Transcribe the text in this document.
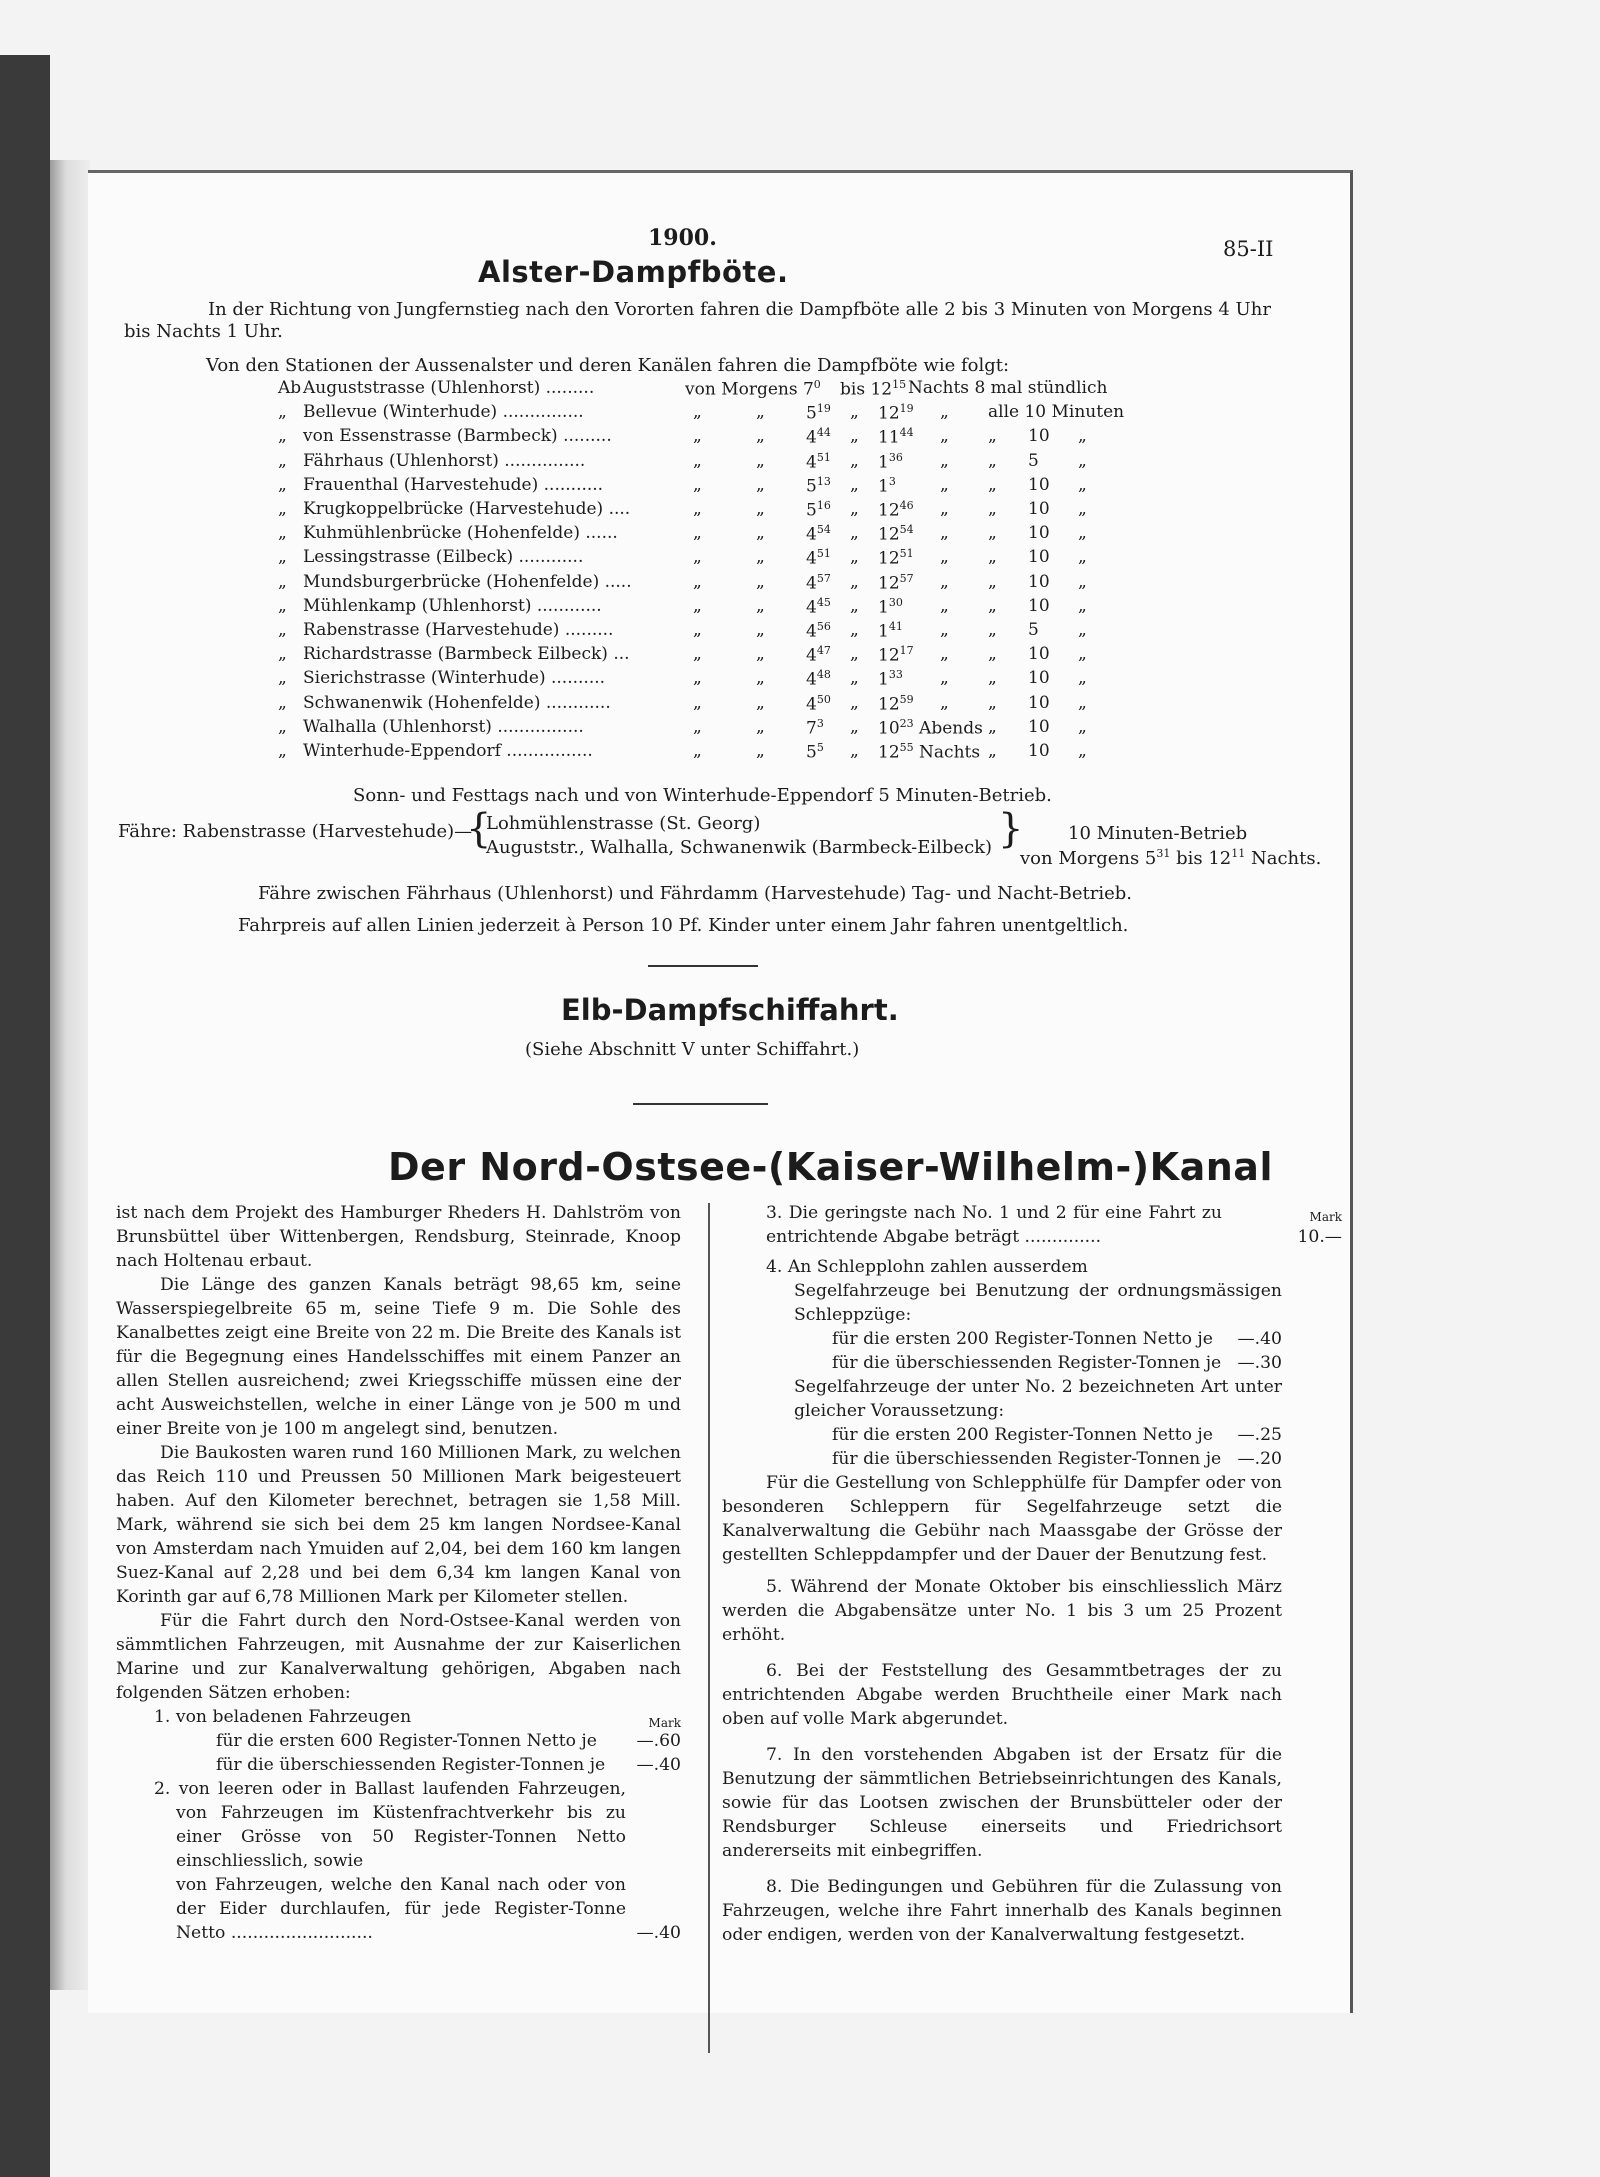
1900.	85-II
Alster-Dampfböte.
In der Richtung von Jungfernstieg nach den Vororten fahren die Dampfböte alle 2 bis 3 Minuten von Morgens 4 Uhr
bis Nachts 1 Uhr.
Von den Stationen der Aussenalster und deren Kanälen fahren die Dampfböte wie folgt:
Ab Auguststrasse (Uhlenhorst) .........	von Morgens $7^0$ bis $12^{15}$ Nachts 8 mal stündlich
„ Bellevue (Winterhude) ...............	„	„ $5^{19}$ „ $12^{19}$ „ alle 10 Minuten
„ von Essenstrasse (Barmbeck) .........	„	„ $4^{44}$ „ $11^{44}$ „ „ 10 „
„ Fährhaus (Uhlenhorst) ...............	„	„ $4^{51}$ „ $1^{36}$ „ „ 5 „
„ Frauenthal (Harvestehude) ...........	„	„ $5^{13}$ „ $1^3$	„ „ 10 „
„ Krugkoppelbrücke (Harvestehude) ....	„	„ $5^{16}$ „ $12^{46}$ „ „ 10 „
„ Kuhmühlenbrücke (Hohenfelde) ......	„	„ $4^{54}$ „ $12^{54}$ „ „ 10 „
„ Lessingstrasse (Eilbeck) ............	„	„ $4^{51}$ „ $12^{51}$ „ „ 10 „
„ Mundsburgerbrücke (Hohenfelde) .....	„	„ $4^{57}$ „ $12^{57}$ „ „ 10 „
„ Mühlenkamp (Uhlenhorst) ............	„	„ $4^{45}$ „ $1^{30}$ „ „ 10 „
„ Rabenstrasse (Harvestehude) .........	„	„ $4^{56}$ „ $1^{41}$ „ „ 5 „
„ Richardstrasse (Barmbeck Eilbeck) ...	„	„ $4^{47}$ „ $12^{17}$ „ „ 10 „
„ Sierichstrasse (Winterhude) ..........	„	„ $4^{48}$ „ $1^{33}$ „ „ 10 „
„ Schwanenwik (Hohenfelde) ............	„	„ $4^{50}$ „ $12^{59}$ „ „ 10 „
„ Walhalla (Uhlenhorst) ................	„	„ $7^3$ „ $10^{23}$ Abends „ 10 „
„ Winterhude-Eppendorf ................	„	„ $5^5$ „ $12^{55}$ Nachts „ 10 „
Sonn- und Festtags nach und von Winterhude-Eppendorf 5 Minuten-Betrieb.
Fähre: Rabenstrasse (Harvestehude)—
{
Lohmühlenstrasse (St. Georg)
Auguststr., Walhalla, Schwanenwik (Barmbeck-Eilbeck) } 10 Minuten-Betrieb
von Morgens $5^{31}$ bis $12^{11}$ Nachts.
Fähre zwischen Fährhaus (Uhlenhorst) und Fährdamm (Harvestehude) Tag- und Nacht-Betrieb.
Fahrpreis auf allen Linien jederzeit à Person 10 Pf. Kinder unter einem Jahr fahren unentgeltlich.
Elb-Dampfschiffahrt.
(Siehe Abschnitt V unter Schiffahrt.)
Der Nord-Ostsee-(Kaiser-Wilhelm-)Kanal

ist nach dem Projekt des Hamburger Rheders H. Dahlström von Brunsbüttel über Wittenbergen, Rendsburg, Steinrade, Knoop nach Holtenau erbaut.

Die Länge des ganzen Kanals beträgt 98,65 km, seine Wasserspiegelbreite 65 m, seine Tiefe 9 m. Die Sohle des Kanalbettes zeigt eine Breite von 22 m. Die Breite des Kanals ist für die Begegnung eines Handelsschiffes mit einem Panzer an allen Stellen ausreichend; zwei Kriegsschiffe müssen eine der acht Ausweichstellen, welche in einer Länge von je 500 m und einer Breite von je 100 m angelegt sind, benutzen.

Die Baukosten waren rund 160 Millionen Mark, zu welchen das Reich 110 und Preussen 50 Millionen Mark beigesteuert haben. Auf den Kilometer berechnet, betragen sie 1,58 Mill. Mark, während sie sich bei dem 25 km langen Nordsee-Kanal von Amsterdam nach Ymuiden auf 2,04, bei dem 160 km langen Suez-Kanal auf 2,28 und bei dem 6,34 km langen Kanal von Korinth gar auf 6,78 Millionen Mark per Kilometer stellen.

Für die Fahrt durch den Nord-Ostsee-Kanal werden von sämmtlichen Fahrzeugen, mit Ausnahme der zur Kaiserlichen Marine und zur Kanalverwaltung gehörigen, Abgaben nach folgenden Sätzen erhoben:

1. von beladenen Fahrzeugen	Mark
für die ersten 600 Register-Tonnen Netto je —.60
für die überschiessenden Register-Tonnen je —.40

2. von leeren oder in Ballast laufenden Fahrzeugen, von Fahrzeugen im Küstenfrachtverkehr bis zu einer Grösse von 50 Register-Tonnen Netto einschliesslich, sowie

von Fahrzeugen, welche den Kanal nach oder von der Eider durchlaufen, für jede Register-Tonne Netto ..........................	—.40
3. Die geringste nach No. 1 und 2 für eine Fahrt zu entrichtende Abgabe beträgt ..............
Mark
10.—

4. An Schlepplohn zahlen ausserdem

Segelfahrzeuge bei Benutzung der ordnungsmässigen Schleppzüge:

für die ersten 200 Register-Tonnen Netto je —.40
für die überschiessenden Register-Tonnen je —.30

Segelfahrzeuge der unter No. 2 bezeichneten Art unter gleicher Voraussetzung:

für die ersten 200 Register-Tonnen Netto je —.25
für die überschiessenden Register-Tonnen je —.20

Für die Gestellung von Schlepphülfe für Dampfer oder von besonderen Schleppern für Segelfahrzeuge setzt die Kanalverwaltung die Gebühr nach Maassgabe der Grösse der gestellten Schleppdampfer und der Dauer der Benutzung fest.

5. Während der Monate Oktober bis einschliesslich März werden die Abgabensätze unter No. 1 bis 3 um 25 Prozent erhöht.

6. Bei der Feststellung des Gesammtbetrages der zu entrichtenden Abgabe werden Bruchtheile einer Mark nach oben auf volle Mark abgerundet.

7. In den vorstehenden Abgaben ist der Ersatz für die Benutzung der sämmtlichen Betriebseinrichtungen des Kanals, sowie für das Lootsen zwischen der Brunsbütteler oder der Rendsburger Schleuse einerseits und Friedrichsort andererseits mit einbegriffen.

8. Die Bedingungen und Gebühren für die Zulassung von Fahrzeugen, welche ihre Fahrt innerhalb des Kanals beginnen oder endigen, werden von der Kanalverwaltung festgesetzt.
